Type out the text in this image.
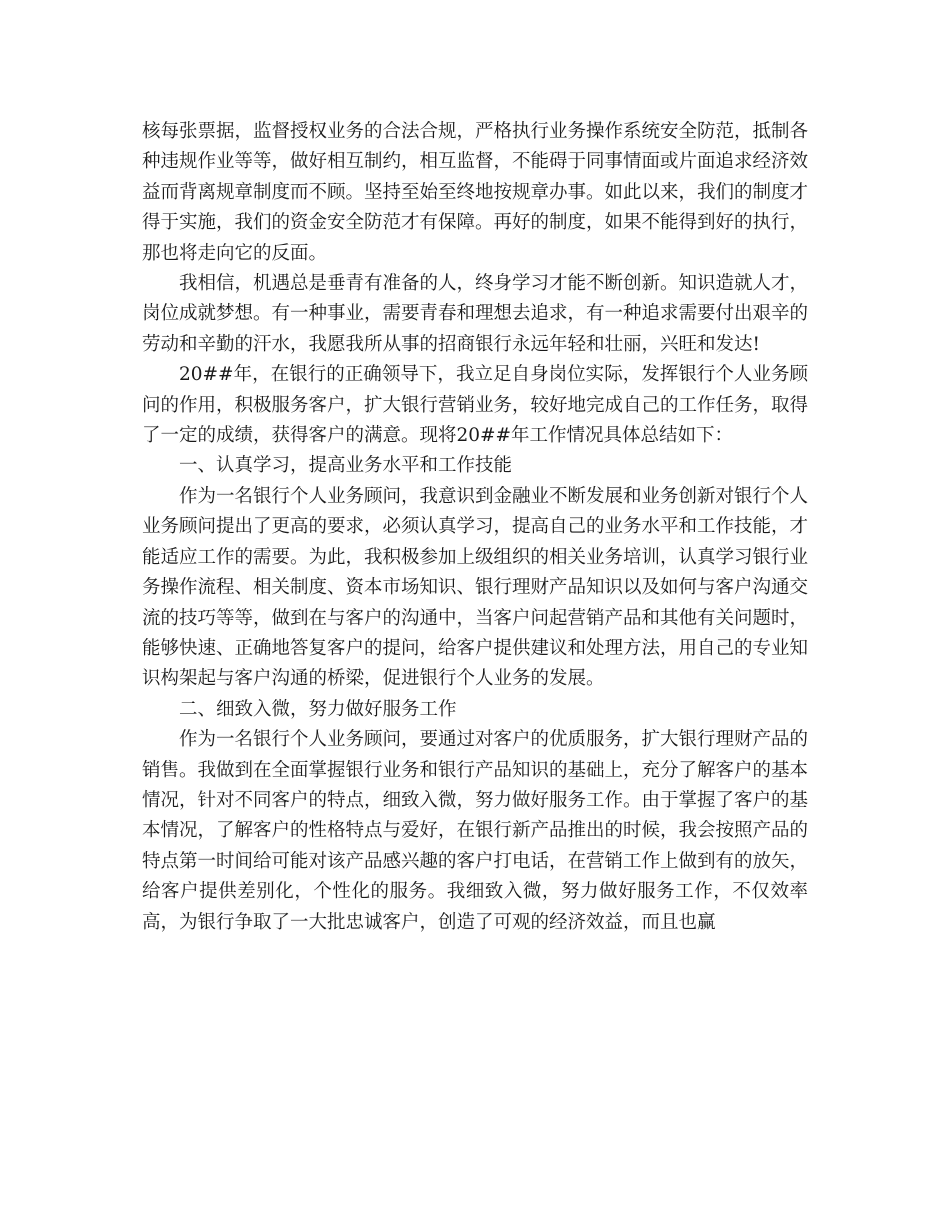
核每张票据，监督授权业务的合法合规，严格执行业务操作系统安全防范，抵制各种违规作业等等，做好相互制约，相互监督，不能碍于同事情面或片面追求经济效益而背离规章制度而不顾。坚持至始至终地按规章办事。如此以来，我们的制度才得于实施，我们的资金安全防范才有保障。再好的制度，如果不能得到好的执行，那也将走向它的反面。

我相信，机遇总是垂青有准备的人，终身学习才能不断创新。知识造就人才，岗位成就梦想。有一种事业，需要青春和理想去追求，有一种追求需要付出艰辛的劳动和辛勤的汗水，我愿我所从事的招商银行永远年轻和壮丽，兴旺和发达!

20##年，在银行的正确领导下，我立足自身岗位实际，发挥银行个人业务顾问的作用，积极服务客户，扩大银行营销业务，较好地完成自己的工作任务，取得了一定的成绩，获得客户的满意。现将20##年工作情况具体总结如下：

一、认真学习，提高业务水平和工作技能

作为一名银行个人业务顾问，我意识到金融业不断发展和业务创新对银行个人业务顾问提出了更高的要求，必须认真学习，提高自己的业务水平和工作技能，才能适应工作的需要。为此，我积极参加上级组织的相关业务培训，认真学习银行业务操作流程、相关制度、资本市场知识、银行理财产品知识以及如何与客户沟通交流的技巧等等，做到在与客户的沟通中，当客户问起营销产品和其他有关问题时，能够快速、正确地答复客户的提问，给客户提供建议和处理方法，用自己的专业知识构架起与客户沟通的桥梁，促进银行个人业务的发展。

二、细致入微，努力做好服务工作

作为一名银行个人业务顾问，要通过对客户的优质服务，扩大银行理财产品的销售。我做到在全面掌握银行业务和银行产品知识的基础上，充分了解客户的基本情况，针对不同客户的特点，细致入微，努力做好服务工作。由于掌握了客户的基本情况，了解客户的性格特点与爱好，在银行新产品推出的时候，我会按照产品的特点第一时间给可能对该产品感兴趣的客户打电话，在营销工作上做到有的放矢，给客户提供差别化，个性化的服务。我细致入微，努力做好服务工作，不仅效率高，为银行争取了一大批忠诚客户，创造了可观的经济效益，而且也赢
